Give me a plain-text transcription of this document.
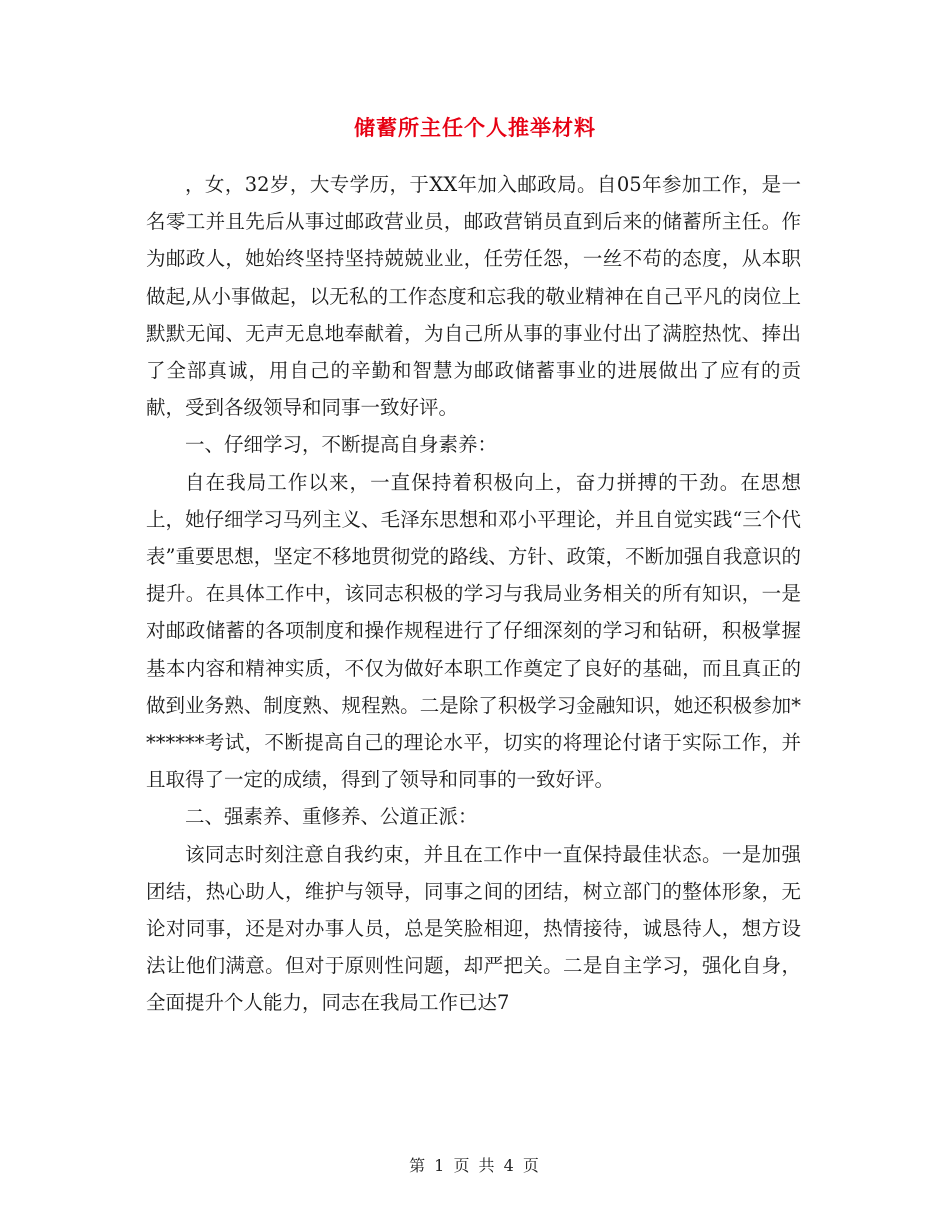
储蓄所主任个人推举材料

，女，32岁，大专学历，于XX年加入邮政局。自05年参加工作，是一名零工并且先后从事过邮政营业员，邮政营销员直到后来的储蓄所主任。作为邮政人，她始终坚持坚持兢兢业业，任劳任怨，一丝不苟的态度，从本职做起,从小事做起，以无私的工作态度和忘我的敬业精神在自己平凡的岗位上默默无闻、无声无息地奉献着，为自己所从事的事业付出了满腔热忱、捧出了全部真诚，用自己的辛勤和智慧为邮政储蓄事业的进展做出了应有的贡献，受到各级领导和同事一致好评。

一、仔细学习，不断提高自身素养：

自在我局工作以来，一直保持着积极向上，奋力拼搏的干劲。在思想上，她仔细学习马列主义、毛泽东思想和邓小平理论，并且自觉实践“三个代表”重要思想，坚定不移地贯彻党的路线、方针、政策，不断加强自我意识的提升。在具体工作中，该同志积极的学习与我局业务相关的所有知识，一是对邮政储蓄的各项制度和操作规程进行了仔细深刻的学习和钻研，积极掌握基本内容和精神实质，不仅为做好本职工作奠定了良好的基础，而且真正的做到业务熟、制度熟、规程熟。二是除了积极学习金融知识，她还积极参加*******考试，不断提高自己的理论水平，切实的将理论付诸于实际工作，并且取得了一定的成绩，得到了领导和同事的一致好评。

二、强素养、重修养、公道正派：

该同志时刻注意自我约束，并且在工作中一直保持最佳状态。一是加强团结，热心助人，维护与领导，同事之间的团结，树立部门的整体形象，无论对同事，还是对办事人员，总是笑脸相迎，热情接待，诚恳待人，想方设法让他们满意。但对于原则性问题，却严把关。二是自主学习，强化自身，全面提升个人能力，同志在我局工作已达7

第 1 页 共 4 页
